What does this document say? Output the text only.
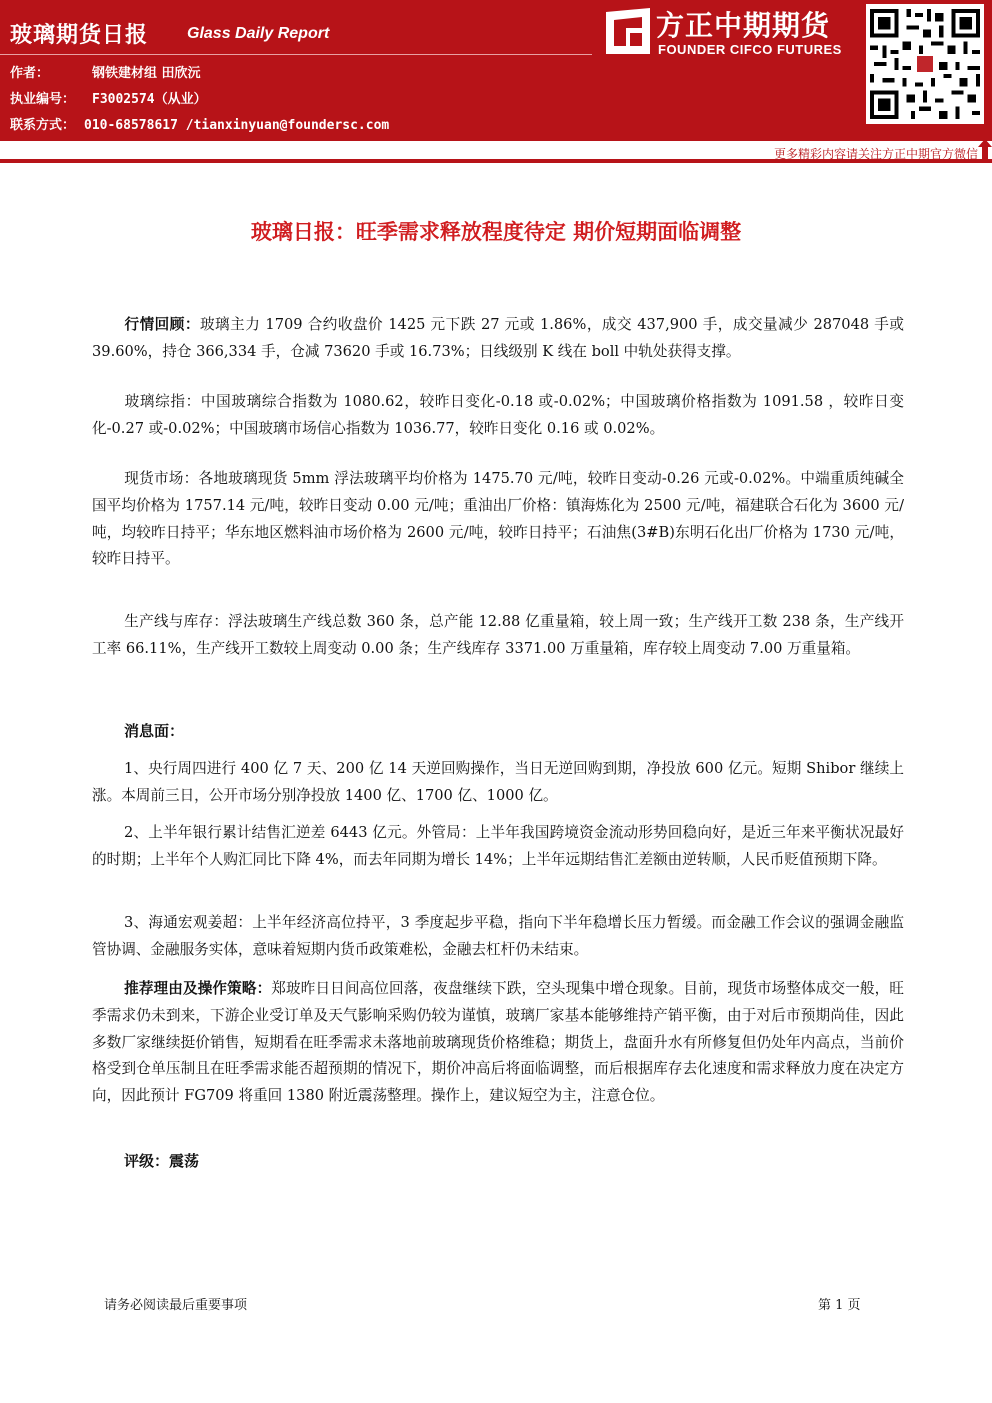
玻璃期货日报 Glass Daily Report
作者：	钢铁建材组 田欣沅
执业编号： F3002574（从业）
联系方式： 010-68578617 /tianxinyuan@foundersc.com
方正中期期货
FOUNDER CIFCO FUTURES
更多精彩内容请关注方正中期官方微信
玻璃日报：旺季需求释放程度待定 期价短期面临调整
行情回顾：玻璃主力 1709 合约收盘价 1425 元下跌 27 元或 1.86%，成交 437,900 手，成交量减少 287048 手或 39.60%，持仓 366,334 手，仓减 73620 手或 16.73%；日线级别 K 线在 boll 中轨处获得支撑。
玻璃综指：中国玻璃综合指数为 1080.62，较昨日变化-0.18 或-0.02%；中国玻璃价格指数为 1091.58 ，较昨日变化-0.27 或-0.02%；中国玻璃市场信心指数为 1036.77，较昨日变化 0.16 或 0.02%。
现货市场：各地玻璃现货 5mm 浮法玻璃平均价格为 1475.70 元/吨，较昨日变动-0.26 元或-0.02%。中端重质纯碱全国平均价格为 1757.14 元/吨，较昨日变动 0.00 元/吨；重油出厂价格：镇海炼化为 2500 元/吨，福建联合石化为 3600 元/吨，均较昨日持平；华东地区燃料油市场价格为 2600 元/吨，较昨日持平；石油焦(3#B)东明石化出厂价格为 1730 元/吨，较昨日持平。
生产线与库存：浮法玻璃生产线总数 360 条，总产能 12.88 亿重量箱，较上周一致；生产线开工数 238 条，生产线开工率 66.11%，生产线开工数较上周变动 0.00 条；生产线库存 3371.00 万重量箱，库存较上周变动 7.00 万重量箱。
消息面：
1、央行周四进行 400 亿 7 天、200 亿 14 天逆回购操作，当日无逆回购到期，净投放 600 亿元。短期 Shibor 继续上涨。本周前三日，公开市场分别净投放 1400 亿、1700 亿、1000 亿。
2、上半年银行累计结售汇逆差 6443 亿元。外管局：上半年我国跨境资金流动形势回稳向好，是近三年来平衡状况最好的时期；上半年个人购汇同比下降 4%，而去年同期为增长 14%；上半年远期结售汇差额由逆转顺，人民币贬值预期下降。
3、海通宏观姜超：上半年经济高位持平，3 季度起步平稳，指向下半年稳增长压力暂缓。而金融工作会议的强调金融监管协调、金融服务实体，意味着短期内货币政策难松，金融去杠杆仍未结束。
推荐理由及操作策略：郑玻昨日日间高位回落，夜盘继续下跌，空头现集中增仓现象。目前，现货市场整体成交一般，旺季需求仍未到来，下游企业受订单及天气影响采购仍较为谨慎，玻璃厂家基本能够维持产销平衡，由于对后市预期尚佳，因此多数厂家继续挺价销售，短期看在旺季需求未落地前玻璃现货价格维稳；期货上，盘面升水有所修复但仍处年内高点，当前价格受到仓单压制且在旺季需求能否超预期的情况下，期价冲高后将面临调整，而后根据库存去化速度和需求释放力度在决定方向，因此预计 FG709 将重回 1380 附近震荡整理。操作上，建议短空为主，注意仓位。
评级：震荡
请务必阅读最后重要事项	第 1 页
